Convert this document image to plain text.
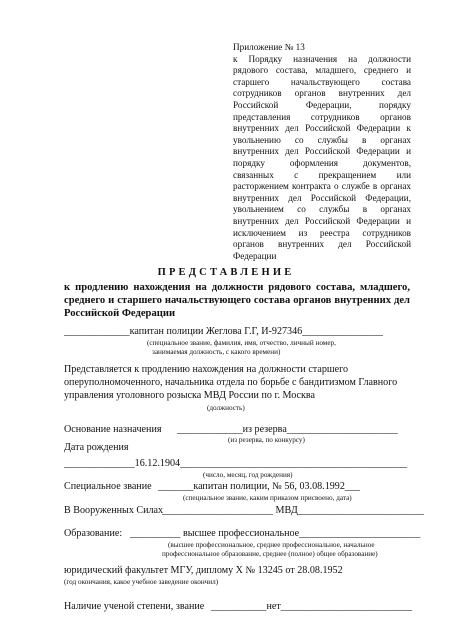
Приложение № 13
к Порядку назначения на должности
рядового состава, младшего, среднего и
старшего начальствующего состава
сотрудников органов внутренних дел
Российской Федерации, порядку
представления сотрудников органов
внутренних дел Российской Федерации к
увольнению со службы в органах
внутренних дел Российской Федерации и
порядку оформления документов,
связанных с прекращением или
расторжением контракта о службе в органах
внутренних дел Российской Федерации,
увольнением со службы в органах
внутренних дел Российской Федерации и
исключением из реестра сотрудников
органов внутренних дел Российской
Федерации
ПРЕДСТАВЛЕНИЕ
к продлению нахождения на должности рядового состава, младшего, среднего и старшего начальствующего состава органов внутренних дел Российской Федерации
_____________капитан полиции Жеглова Г.Г, И-927346________________
(специальное звание, фамилия, имя, отчество, личный номер,
занимаемая должность, с какого времени)
Представляется к продлению нахождения на должности старшего
оперуполномоченного, начальника отдела по борьбе с бандитизмом Главного
управления уголовного розыска МВД России по г. Москва
(должность)
Основание назначения _____________из резерва______________________
(из резерва, по конкурсу)
Дата рождения
______________16.12.1904_____________________________________________
(число, месяц, год рождения)
Специальное звание _______капитан полиции, № 56, 03.08.1992___
(специальное звание, каким приказом присвоено, дата)
В Вооруженных Силах
______________________ МВД_________________________
Образование: __________ высшее профессиональное________________________
(высшее профессиональное, среднее профессиональное, начальное
профессиональное образование, среднее (полное) общее образование)
юридический факультет МГУ, диплому Х № 13245 от 28.08.1952
(год окончания, какое учебное заведение окончил)
Наличие ученой степени, звание ___________нет__________________________
